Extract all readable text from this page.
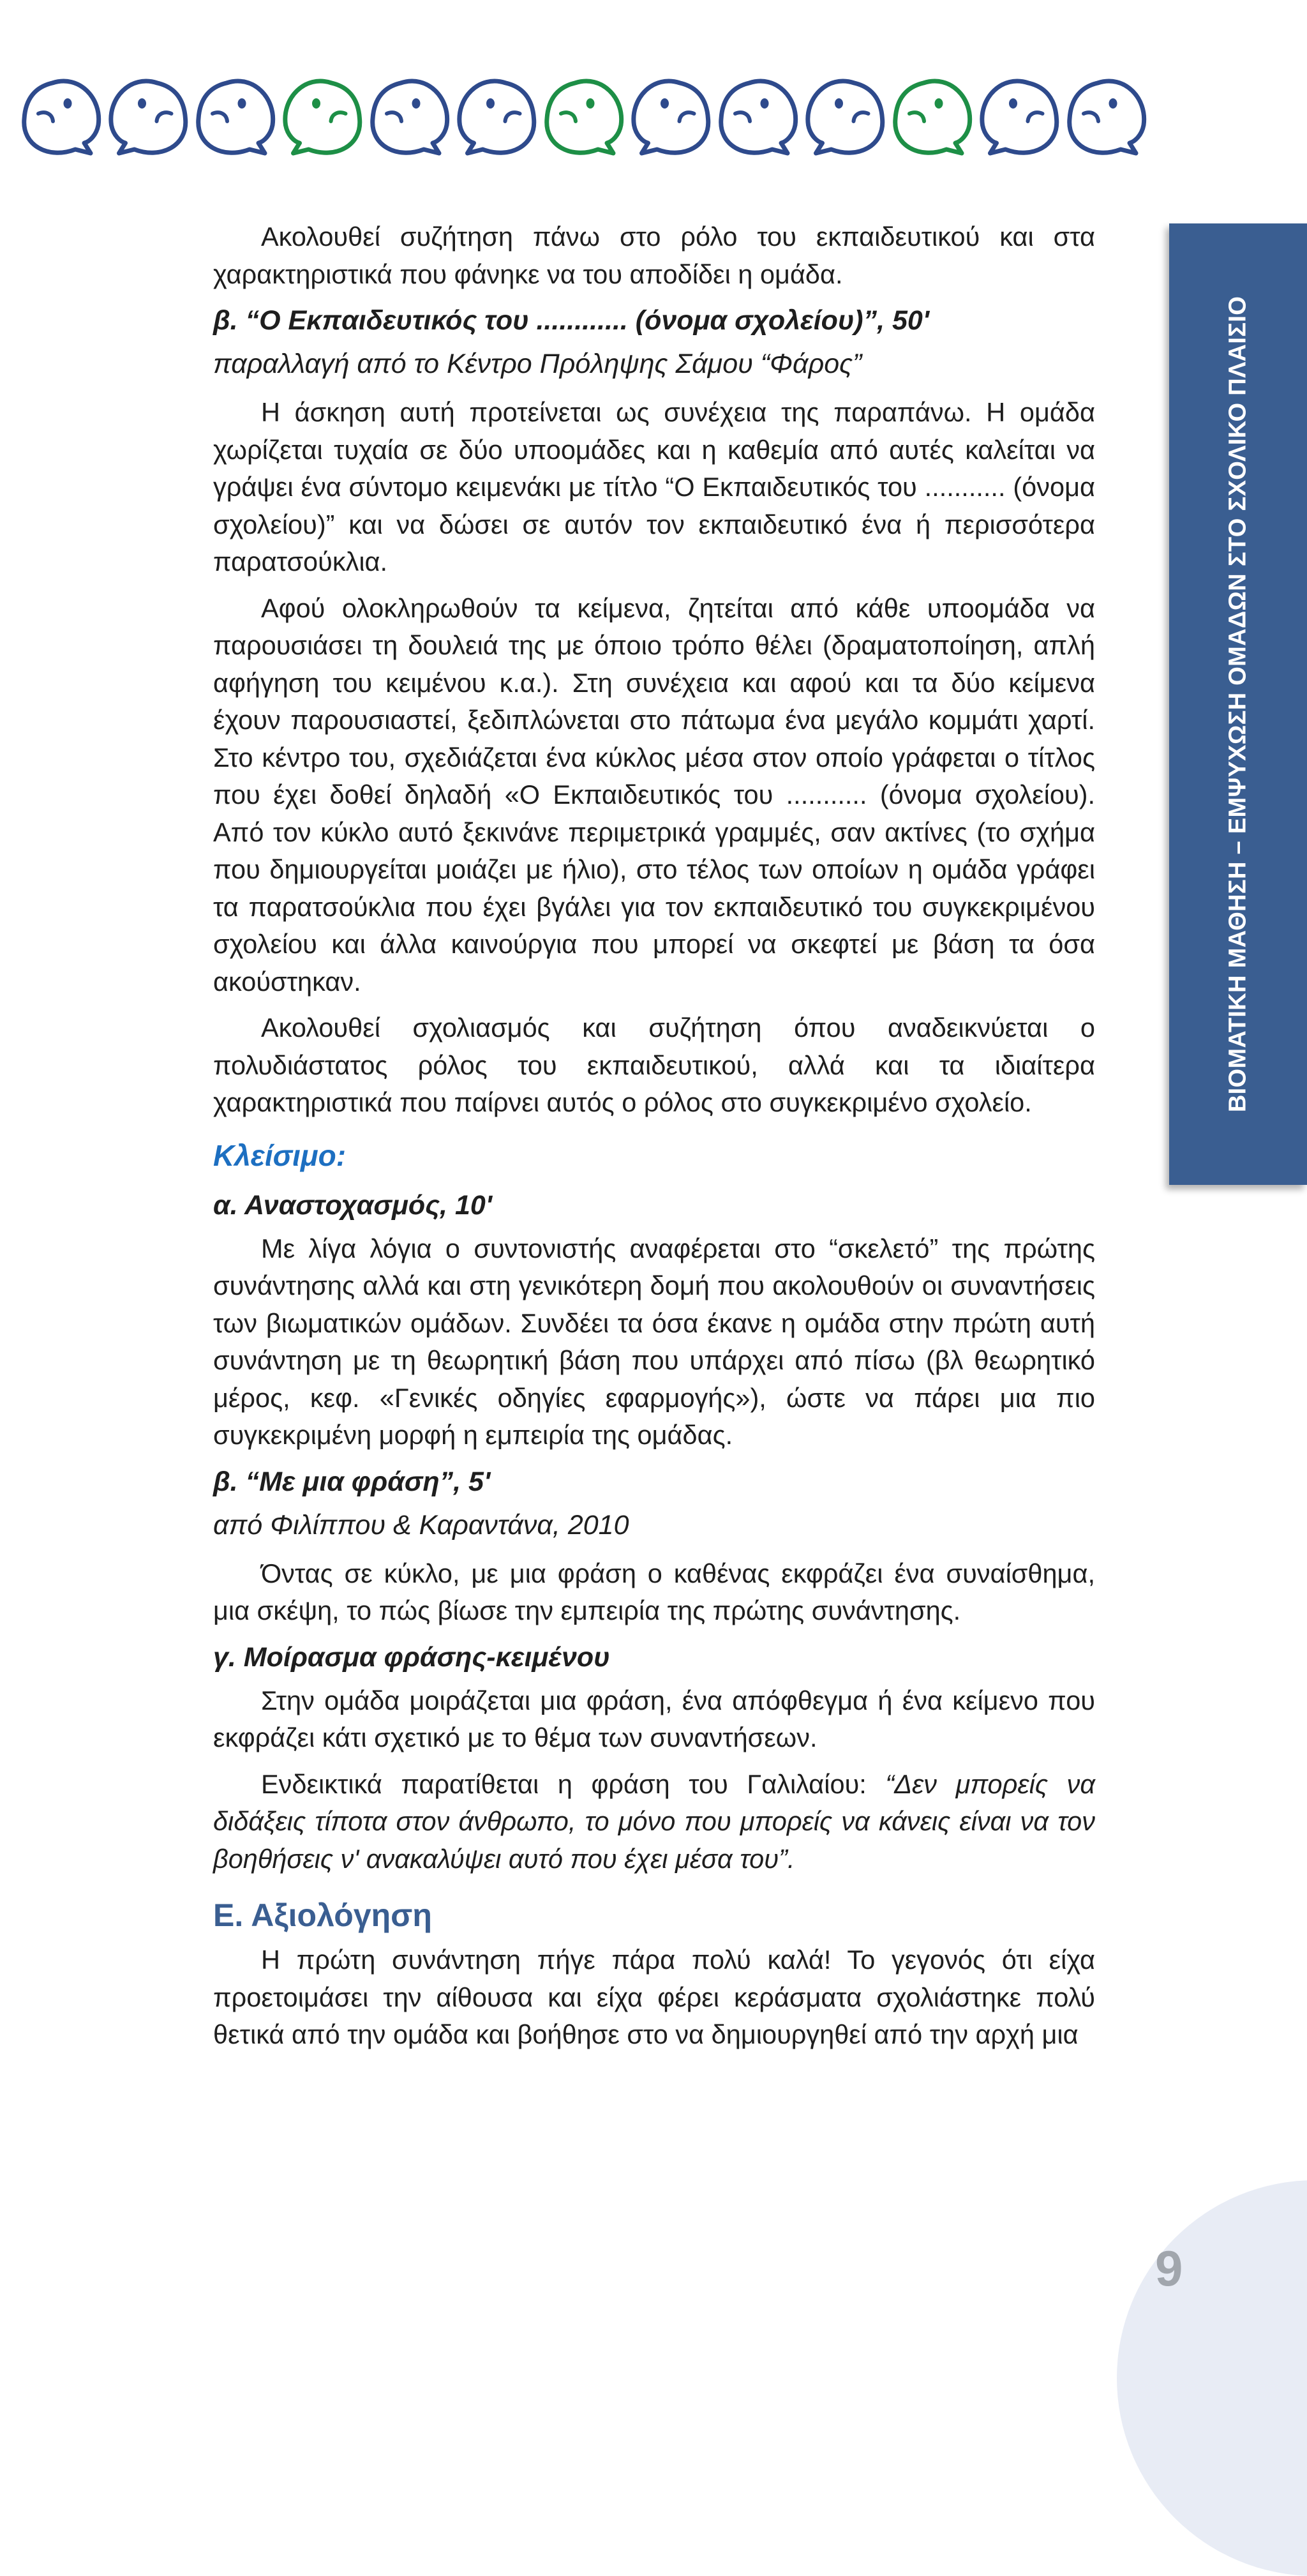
ΒΙΟΜΑΤΙΚΗ ΜΑΘΗΣΗ – ΕΜΨΥΧΩΣΗ ΟΜΑΔΩΝ ΣΤΟ ΣΧΟΛΙΚΟ ΠΛΑΙΣΙΟ
9

Ακολουθεί συζήτηση πάνω στο ρόλο του εκπαιδευτικού και στα χαρακτηριστικά που φάνηκε να του αποδίδει η ομάδα.

β. “Ο Εκπαιδευτικός του ............ (όνομα σχολείου)”, 50'

παραλλαγή από το Κέντρο Πρόληψης Σάμου “Φάρος”

Η άσκηση αυτή προτείνεται ως συνέχεια της παραπάνω. Η ομάδα χωρίζεται τυχαία σε δύο υποομάδες και η καθεμία από αυτές καλείται να γράψει ένα σύντομο κειμενάκι με τίτλο “Ο Εκπαιδευτικός του ........... (όνομα σχολείου)” και να δώσει σε αυτόν τον εκπαιδευτικό ένα ή περισσότερα παρατσούκλια.

Αφού ολοκληρωθούν τα κείμενα, ζητείται από κάθε υποομάδα να παρουσιάσει τη δουλειά της με όποιο τρόπο θέλει (δραματοποίηση, απλή αφήγηση του κειμένου κ.α.). Στη συνέχεια και αφού και τα δύο κείμενα έχουν παρουσιαστεί, ξεδιπλώνεται στο πάτωμα ένα μεγάλο κομμάτι χαρτί. Στο κέντρο του, σχεδιάζεται ένα κύκλος μέσα στον οποίο γράφεται ο τίτλος που έχει δοθεί δηλαδή «Ο Εκπαιδευτικός του ........... (όνομα σχολείου). Από τον κύκλο αυτό ξεκινάνε περιμετρικά γραμμές, σαν ακτίνες (το σχήμα που δημιουργείται μοιάζει με ήλιο), στο τέλος των οποίων η ομάδα γράφει τα παρατσούκλια που έχει βγάλει για τον εκπαιδευτικό του συγκεκριμένου σχολείου και άλλα καινούργια που μπορεί να σκεφτεί με βάση τα όσα ακούστηκαν.

Ακολουθεί σχολιασμός και συζήτηση όπου αναδεικνύεται ο πολυδιάστατος ρόλος του εκπαιδευτικού, αλλά και τα ιδιαίτερα χαρακτηριστικά που παίρνει αυτός ο ρόλος στο συγκεκριμένο σχολείο.

Κλείσιμο:

α. Αναστοχασμός, 10'

Με λίγα λόγια ο συντονιστής αναφέρεται στο “σκελετό” της πρώτης συνάντησης αλλά και στη γενικότερη δομή που ακολουθούν οι συναντήσεις των βιωματικών ομάδων. Συνδέει τα όσα έκανε η ομάδα στην πρώτη αυτή συνάντηση με τη θεωρητική βάση που υπάρχει από πίσω (βλ θεωρητικό μέρος, κεφ. «Γενικές οδηγίες εφαρμογής»), ώστε να πάρει μια πιο συγκεκριμένη μορφή η εμπειρία της ομάδας.

β. “Με μια φράση”, 5'

από Φιλίππου & Καραντάνα, 2010

Όντας σε κύκλο, με μια φράση ο καθένας εκφράζει ένα συναίσθημα, μια σκέψη, το πώς βίωσε την εμπειρία της πρώτης συνάντησης.

γ. Μοίρασμα φράσης-κειμένου

Στην ομάδα μοιράζεται μια φράση, ένα απόφθεγμα ή ένα κείμενο που εκφράζει κάτι σχετικό με το θέμα των συναντήσεων.

Ενδεικτικά παρατίθεται η φράση του Γαλιλαίου: “Δεν μπορείς να διδάξεις τίποτα στον άνθρωπο, το μόνο που μπορείς να κάνεις είναι να τον βοηθήσεις ν' ανακαλύψει αυτό που έχει μέσα του”.

Ε. Αξιολόγηση

Η πρώτη συνάντηση πήγε πάρα πολύ καλά! Το γεγονός ότι είχα προετοιμάσει την αίθουσα και είχα φέρει κεράσματα σχολιάστηκε πολύ θετικά από την ομάδα και βοήθησε στο να δημιουργηθεί από την αρχή μια
